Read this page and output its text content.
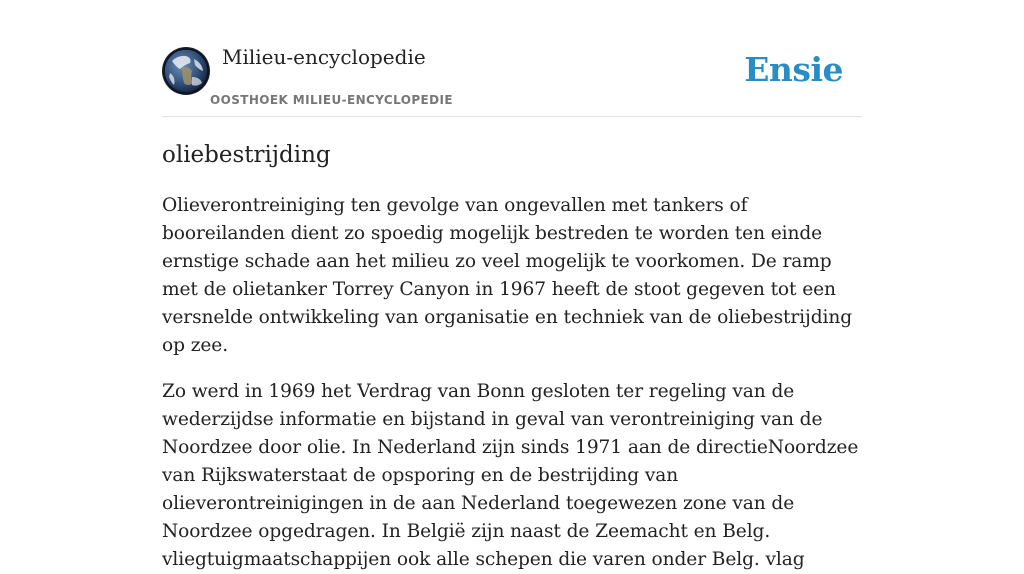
Milieu-encyclopedie
OOSTHOEK MILIEU-ENCYCLOPEDIE
Ensie
oliebestrijding

Olieverontreiniging ten gevolge van ongevallen met tankers of booreilanden dient zo spoedig mogelijk bestreden te worden ten einde ernstige schade aan het milieu zo veel mogelijk te voorkomen. De ramp met de olietanker Torrey Canyon in 1967 heeft de stoot gegeven tot een versnelde ontwikkeling van organisatie en techniek van de oliebestrijding op zee.

Zo werd in 1969 het Verdrag van Bonn gesloten ter regeling van de wederzijdse informatie en bijstand in geval van verontreiniging van de Noordzee door olie. In Nederland zijn sinds 1971 aan de directieNoordzee van Rijkswaterstaat de opsporing en de bestrijding van olieverontreinigingen in de aan Nederland toegewezen zone van de Noordzee opgedragen. In België zijn naast de Zeemacht en Belg. vliegtuigmaatschappijen ook alle schepen die varen onder Belg. vlag
